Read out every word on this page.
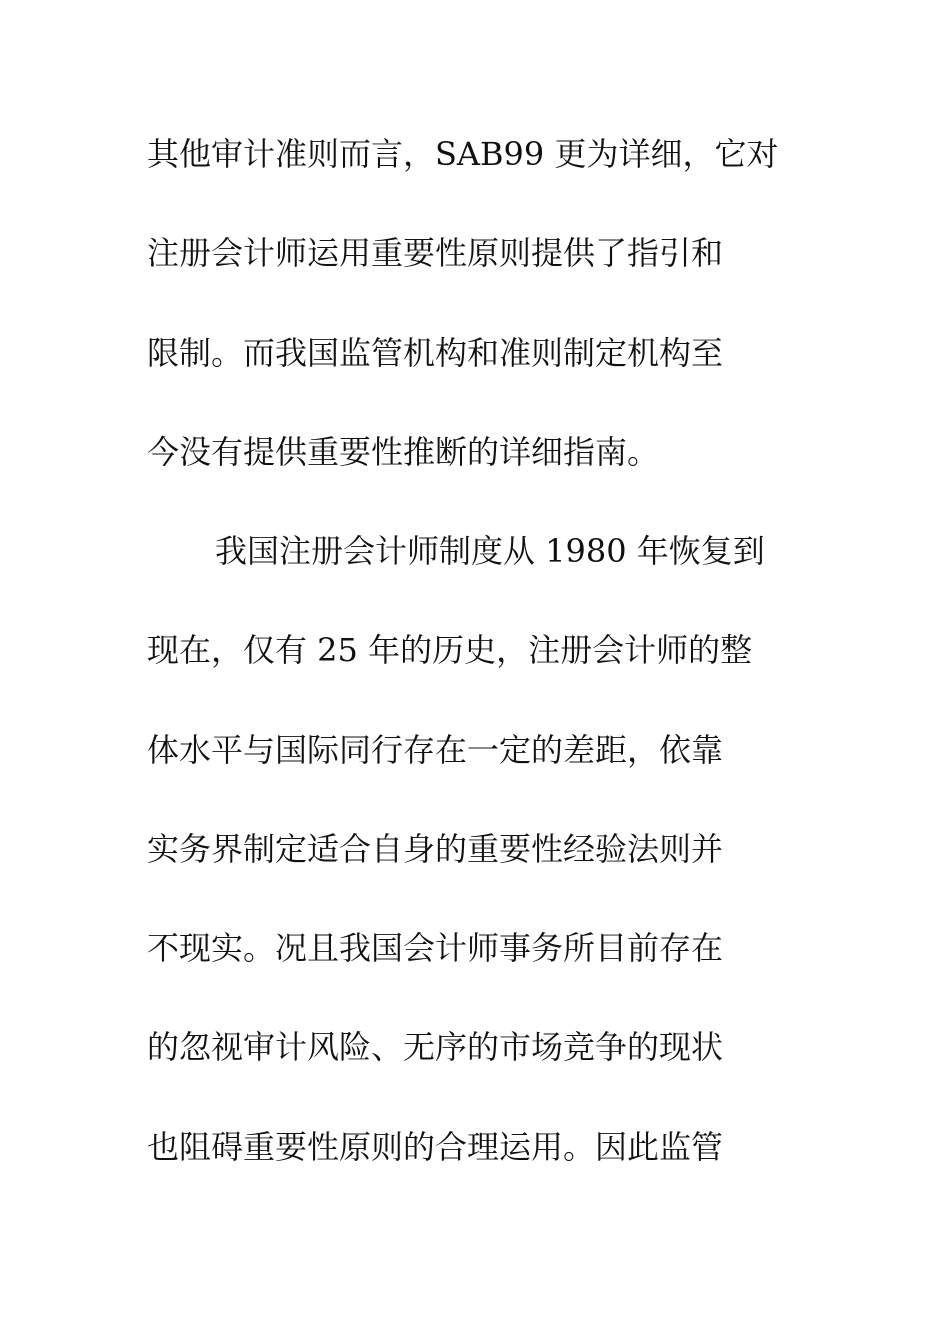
其他审计准则而言，SAB99 更为详细，它对
注册会计师运用重要性原则提供了指引和
限制。而我国监管机构和准则制定机构至
今没有提供重要性推断的详细指南。
我国注册会计师制度从 1980 年恢复到
现在，仅有 25 年的历史，注册会计师的整
体水平与国际同行存在一定的差距，依靠
实务界制定适合自身的重要性经验法则并
不现实。况且我国会计师事务所目前存在
的忽视审计风险、无序的市场竞争的现状
也阻碍重要性原则的合理运用。因此监管
